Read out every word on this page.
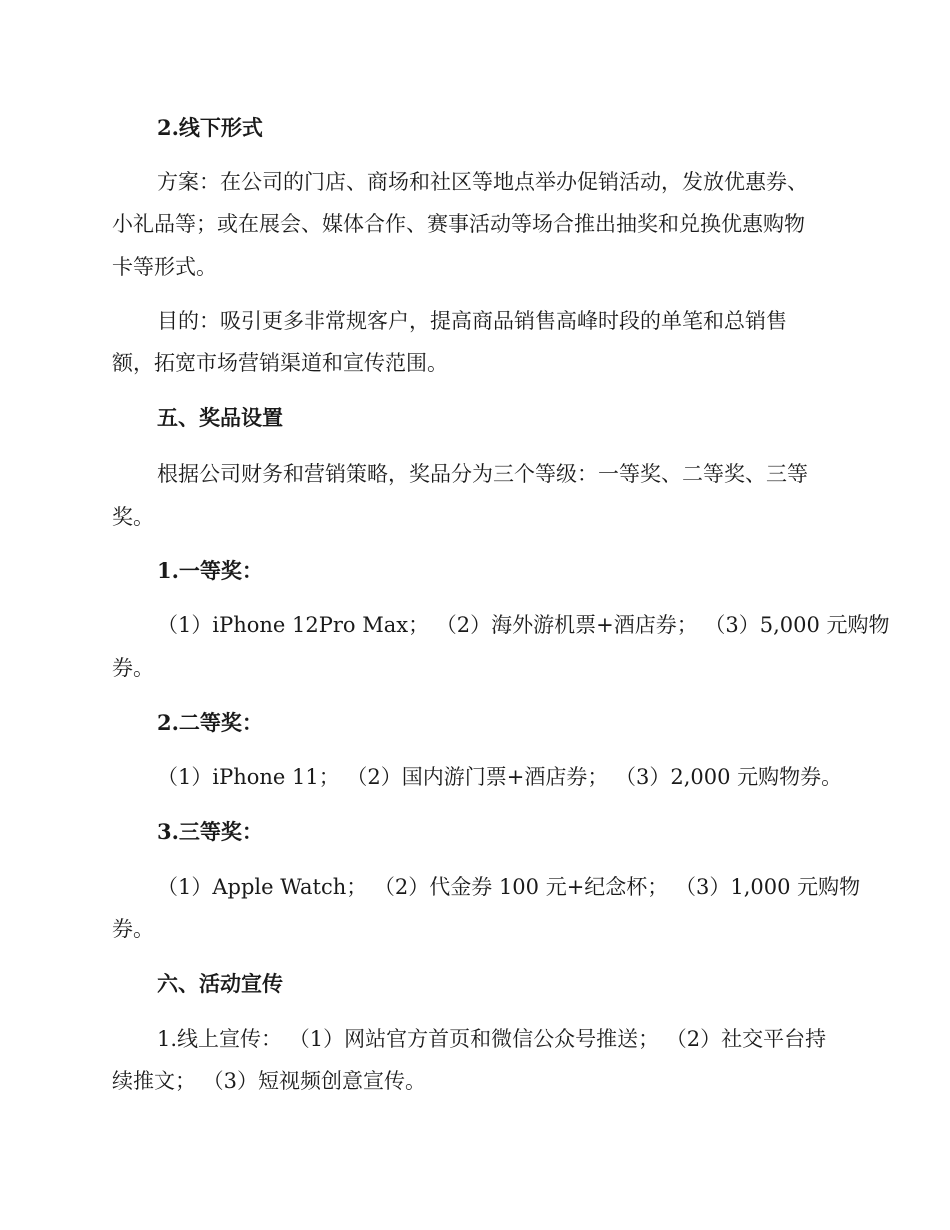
2.线下形式
方案：在公司的门店、商场和社区等地点举办促销活动，发放优惠券、
小礼品等；或在展会、媒体合作、赛事活动等场合推出抽奖和兑换优惠购物
卡等形式。
目的：吸引更多非常规客户，提高商品销售高峰时段的单笔和总销售
额，拓宽市场营销渠道和宣传范围。
五、奖品设置
根据公司财务和营销策略，奖品分为三个等级：一等奖、二等奖、三等
奖。
1.一等奖：
（1）iPhone 12Pro Max； （2）海外游机票+酒店券； （3）5,000 元购物
券。
2.二等奖：
（1）iPhone 11； （2）国内游门票+酒店券； （3）2,000 元购物券。
3.三等奖：
（1）Apple Watch； （2）代金券 100 元+纪念杯； （3）1,000 元购物
券。
六、活动宣传
1.线上宣传： （1）网站官方首页和微信公众号推送； （2）社交平台持
续推文； （3）短视频创意宣传。
